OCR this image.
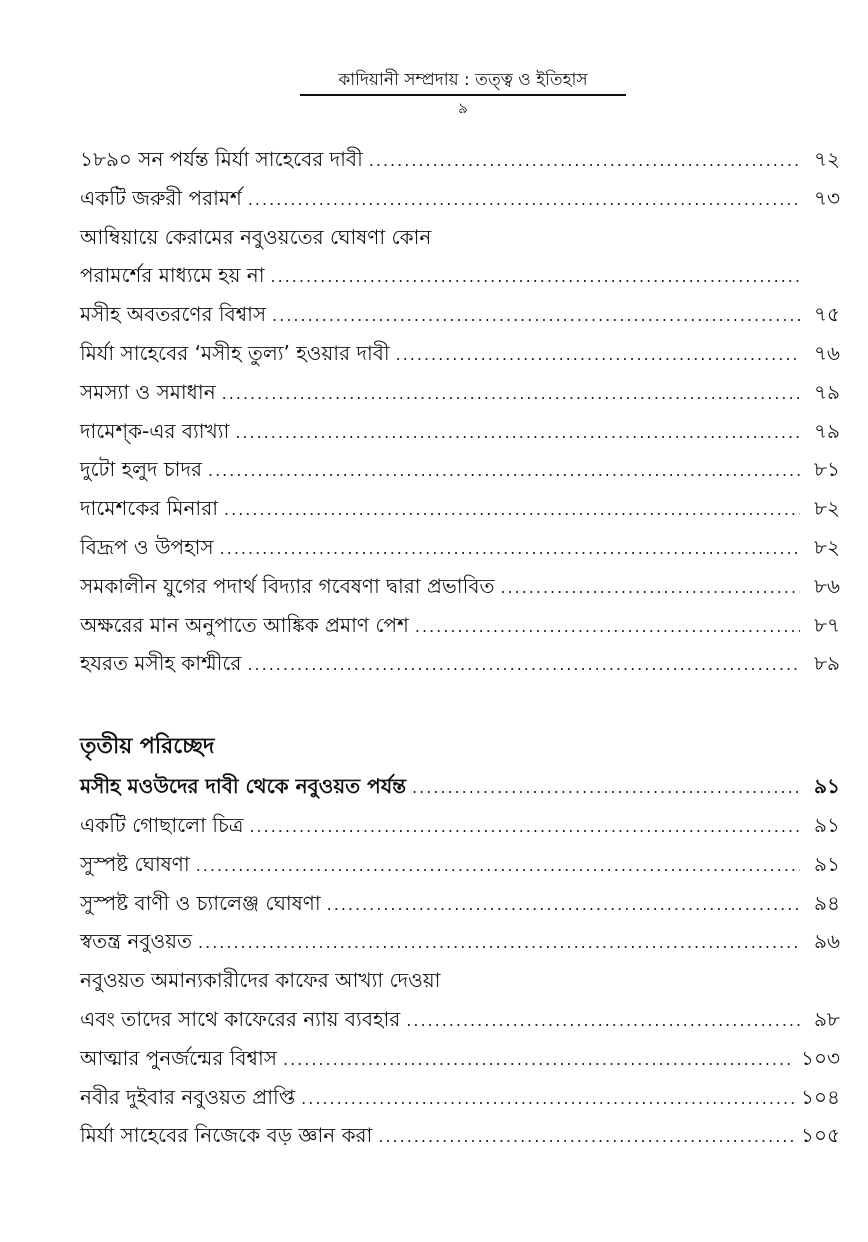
কাদিয়ানী সম্প্রদায় : তত্ত্ব ও ইতিহাস
৯
১৮৯০ সন পর্যন্ত মির্যা সাহেবের দাবী .....	৭২
একটি জরুরী পরামর্শ .....	৭৩
আম্বিয়ায়ে কেরামের নবুওয়তের ঘোষণা কোন
পরামর্শের মাধ্যমে হয় না
.....
মসীহ অবতরণের বিশ্বাস .....	৭৫
মির্যা সাহেবের ‘মসীহ তুল্য’ হওয়ার দাবী .....	৭৬
সমস্যা ও সমাধান .....	৭৯
দামেশ্‌ক-এর ব্যাখ্যা .....	৭৯
দুটো হলুদ চাদর .....	৮১
দামেশকের মিনারা .....	৮২
বিদ্রূপ ও উপহাস .....	৮২
সমকালীন যুগের পদার্থ বিদ্যার গবেষণা দ্বারা প্রভাবিত .....	৮৬
অক্ষরের মান অনুপাতে আঙ্কিক প্রমাণ পেশ .....	৮৭
হযরত মসীহ কাশ্মীরে .....	৮৯
তৃতীয় পরিচ্ছেদ
মসীহ মওউদের দাবী থেকে নবুওয়ত পর্যন্ত .....	৯১
একটি গোছালো চিত্র .....	৯১
সুস্পষ্ট ঘোষণা .....	৯১
সুস্পষ্ট বাণী ও চ্যালেঞ্জ ঘোষণা .....	৯৪
স্বতন্ত্র নবুওয়ত .....	৯৬
নবুওয়ত অমান্যকারীদের কাফের আখ্যা দেওয়া
এবং তাদের সাথে কাফেরের ন্যায় ব্যবহার .....	৯৮
আত্মার পুনর্জন্মের বিশ্বাস .....	১০৩
নবীর দুইবার নবুওয়ত প্রাপ্তি .....	১০৪
মির্যা সাহেবের নিজেকে বড় জ্ঞান করা .....	১০৫
